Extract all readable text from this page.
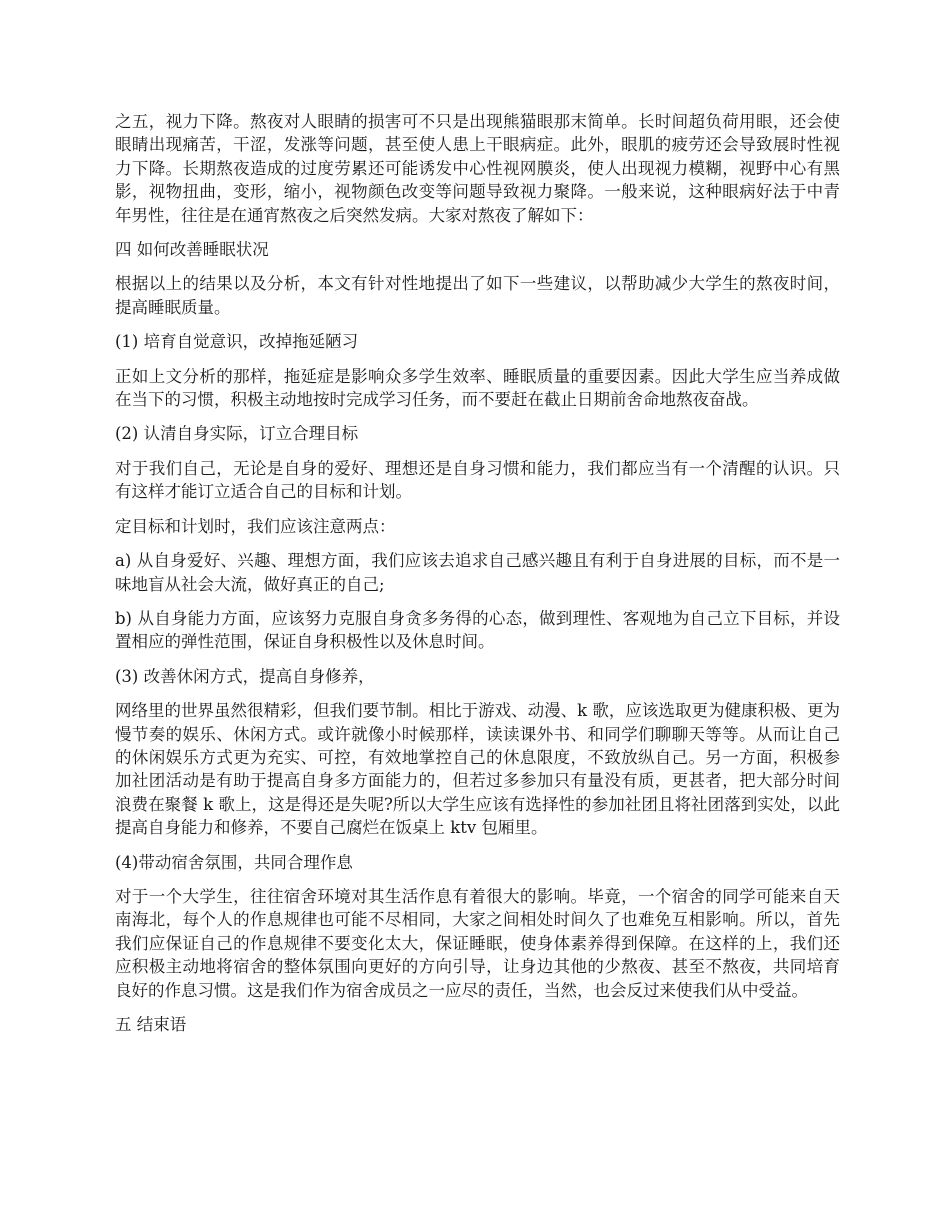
之五，视力下降。熬夜对人眼睛的损害可不只是出现熊猫眼那末简单。长时间超负荷用眼，还会使眼睛出现痛苦，干涩，发涨等问题，甚至使人患上干眼病症。此外，眼肌的疲劳还会导致展时性视力下降。长期熬夜造成的过度劳累还可能诱发中心性视网膜炎，使人出现视力模糊，视野中心有黑影，视物扭曲，变形，缩小，视物颜色改变等问题导致视力聚降。一般来说，这种眼病好法于中青年男性，往往是在通宵熬夜之后突然发病。大家对熬夜了解如下：

四 如何改善睡眠状况

根据以上的结果以及分析，本文有针对性地提出了如下一些建议，以帮助减少大学生的熬夜时间，提高睡眠质量。

(1) 培育自觉意识，改掉拖延陋习

正如上文分析的那样，拖延症是影响众多学生效率、睡眠质量的重要因素。因此大学生应当养成做在当下的习惯，积极主动地按时完成学习任务，而不要赶在截止日期前舍命地熬夜奋战。

(2) 认清自身实际，订立合理目标

对于我们自己，无论是自身的爱好、理想还是自身习惯和能力，我们都应当有一个清醒的认识。只有这样才能订立适合自己的目标和计划。

定目标和计划时，我们应该注意两点：

a) 从自身爱好、兴趣、理想方面，我们应该去追求自己感兴趣且有利于自身进展的目标，而不是一味地盲从社会大流，做好真正的自己;

b) 从自身能力方面，应该努力克服自身贪多务得的心态，做到理性、客观地为自己立下目标，并设置相应的弹性范围，保证自身积极性以及休息时间。

(3) 改善休闲方式，提高自身修养，

网络里的世界虽然很精彩，但我们要节制。相比于游戏、动漫、k 歌，应该选取更为健康积极、更为慢节奏的娱乐、休闲方式。或许就像小时候那样，读读课外书、和同学们聊聊天等等。从而让自己的休闲娱乐方式更为充实、可控，有效地掌控自己的休息限度，不致放纵自己。另一方面，积极参加社团活动是有助于提高自身多方面能力的，但若过多参加只有量没有质，更甚者，把大部分时间浪费在聚餐 k 歌上，这是得还是失呢?所以大学生应该有选择性的参加社团且将社团落到实处，以此提高自身能力和修养，不要自己腐烂在饭桌上 ktv 包厢里。

(4)带动宿舍氛围，共同合理作息

对于一个大学生，往往宿舍环境对其生活作息有着很大的影响。毕竟，一个宿舍的同学可能来自天南海北，每个人的作息规律也可能不尽相同，大家之间相处时间久了也难免互相影响。所以，首先我们应保证自己的作息规律不要变化太大，保证睡眠，使身体素养得到保障。在这样的上，我们还应积极主动地将宿舍的整体氛围向更好的方向引导，让身边其他的少熬夜、甚至不熬夜，共同培育良好的作息习惯。这是我们作为宿舍成员之一应尽的责任，当然，也会反过来使我们从中受益。

五 结束语
